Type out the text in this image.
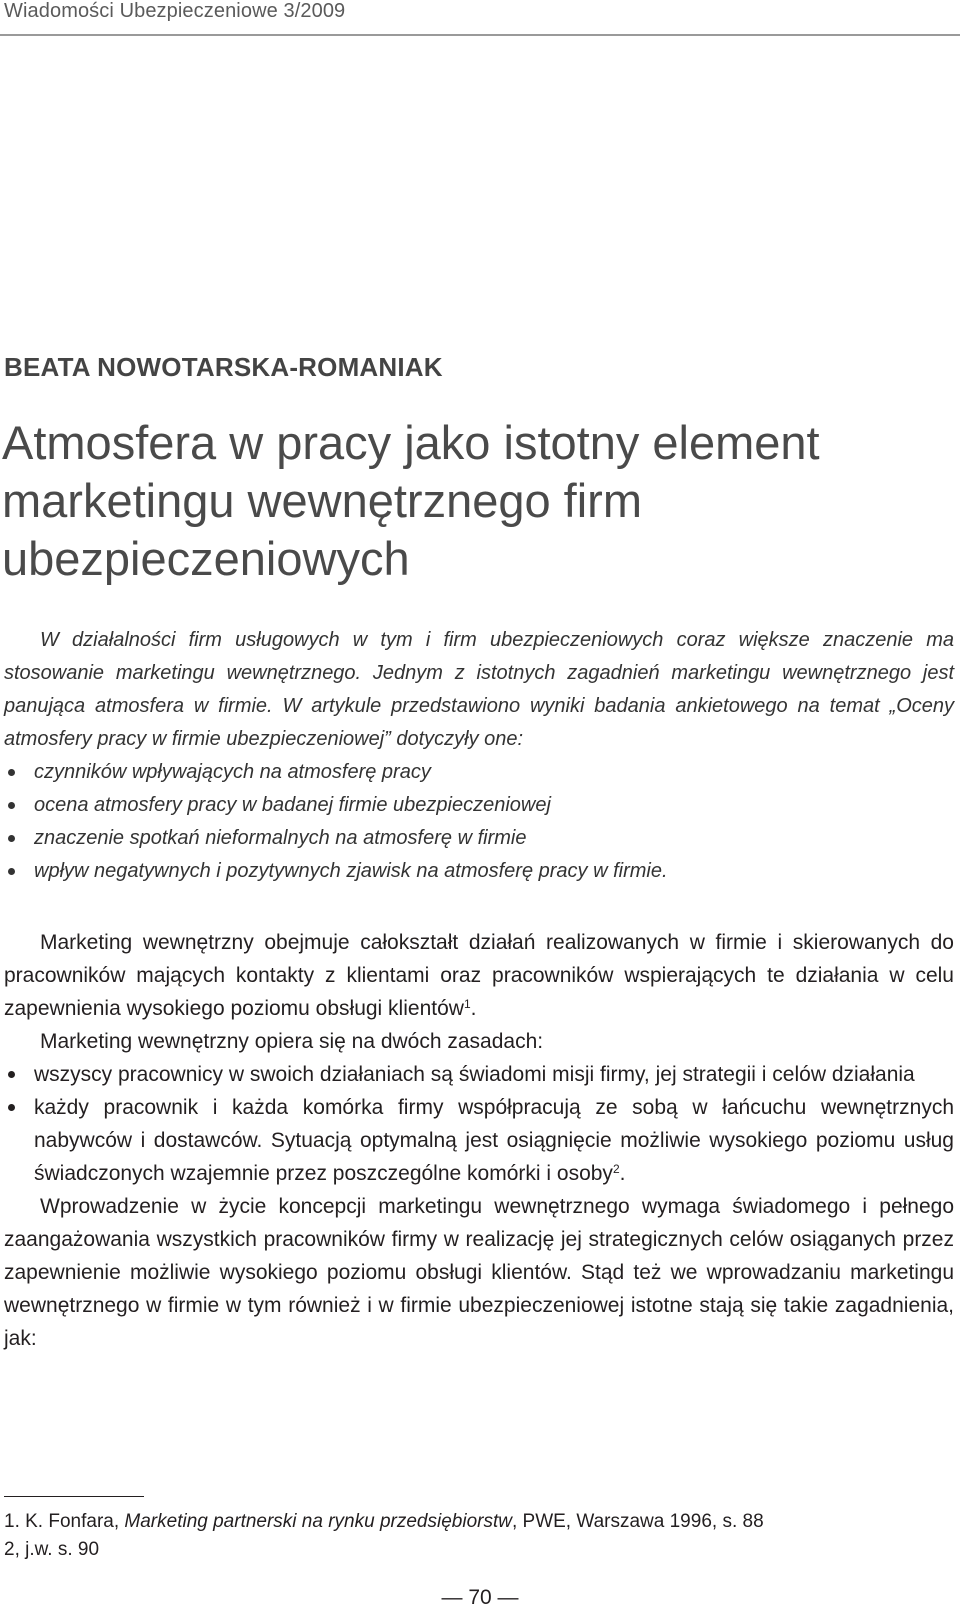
Wiadomości Ubezpieczeniowe 3/2009
BEATA NOWOTARSKA-ROMANIAK
Atmosfera w pracy jako istotny element marketingu wewnętrznego firm ubezpieczeniowych

W działalności firm usługowych w tym i firm ubezpieczeniowych coraz większe znaczenie ma stosowanie marketingu wewnętrznego. Jednym z istotnych zagadnień marketingu wewnętrznego jest panująca atmosfera w firmie. W artykule przedstawiono wyniki badania ankietowego na temat „Oceny atmosfery pracy w firmie ubezpieczeniowej” dotyczyły one:

czynników wpływających na atmosferę pracy
ocena atmosfery pracy w badanej firmie ubezpieczeniowej
znaczenie spotkań nieformalnych na atmosferę w firmie
wpływ negatywnych i pozytywnych zjawisk na atmosferę pracy w firmie.

Marketing wewnętrzny obejmuje całokształt działań realizowanych w firmie i skierowanych do pracowników mających kontakty z klientami oraz pracowników wspierających te działania w celu zapewnienia wysokiego poziomu obsługi klientów$^1$.

Marketing wewnętrzny opiera się na dwóch zasadach:

wszyscy pracownicy w swoich działaniach są świadomi misji firmy, jej strategii i celów działania
każdy pracownik i każda komórka firmy współpracują ze sobą w łańcuchu wewnętrznych nabywców i dostawców. Sytuacją optymalną jest osiągnięcie możliwie wysokiego poziomu usług świadczonych wzajemnie przez poszczególne komórki i osoby$^2$.

Wprowadzenie w życie koncepcji marketingu wewnętrznego wymaga świadomego i pełnego zaangażowania wszystkich pracowników firmy w realizację jej strategicznych celów osiąganych przez zapewnienie możliwie wysokiego poziomu obsługi klientów. Stąd też we wprowadzaniu marketingu wewnętrznego w firmie w tym również i w firmie ubezpieczeniowej istotne stają się takie zagadnienia, jak:

1. K. Fonfara, Marketing partnerski na rynku przedsiębiorstw, PWE, Warszawa 1996, s. 88
2, j.w. s. 90
— 70 —
